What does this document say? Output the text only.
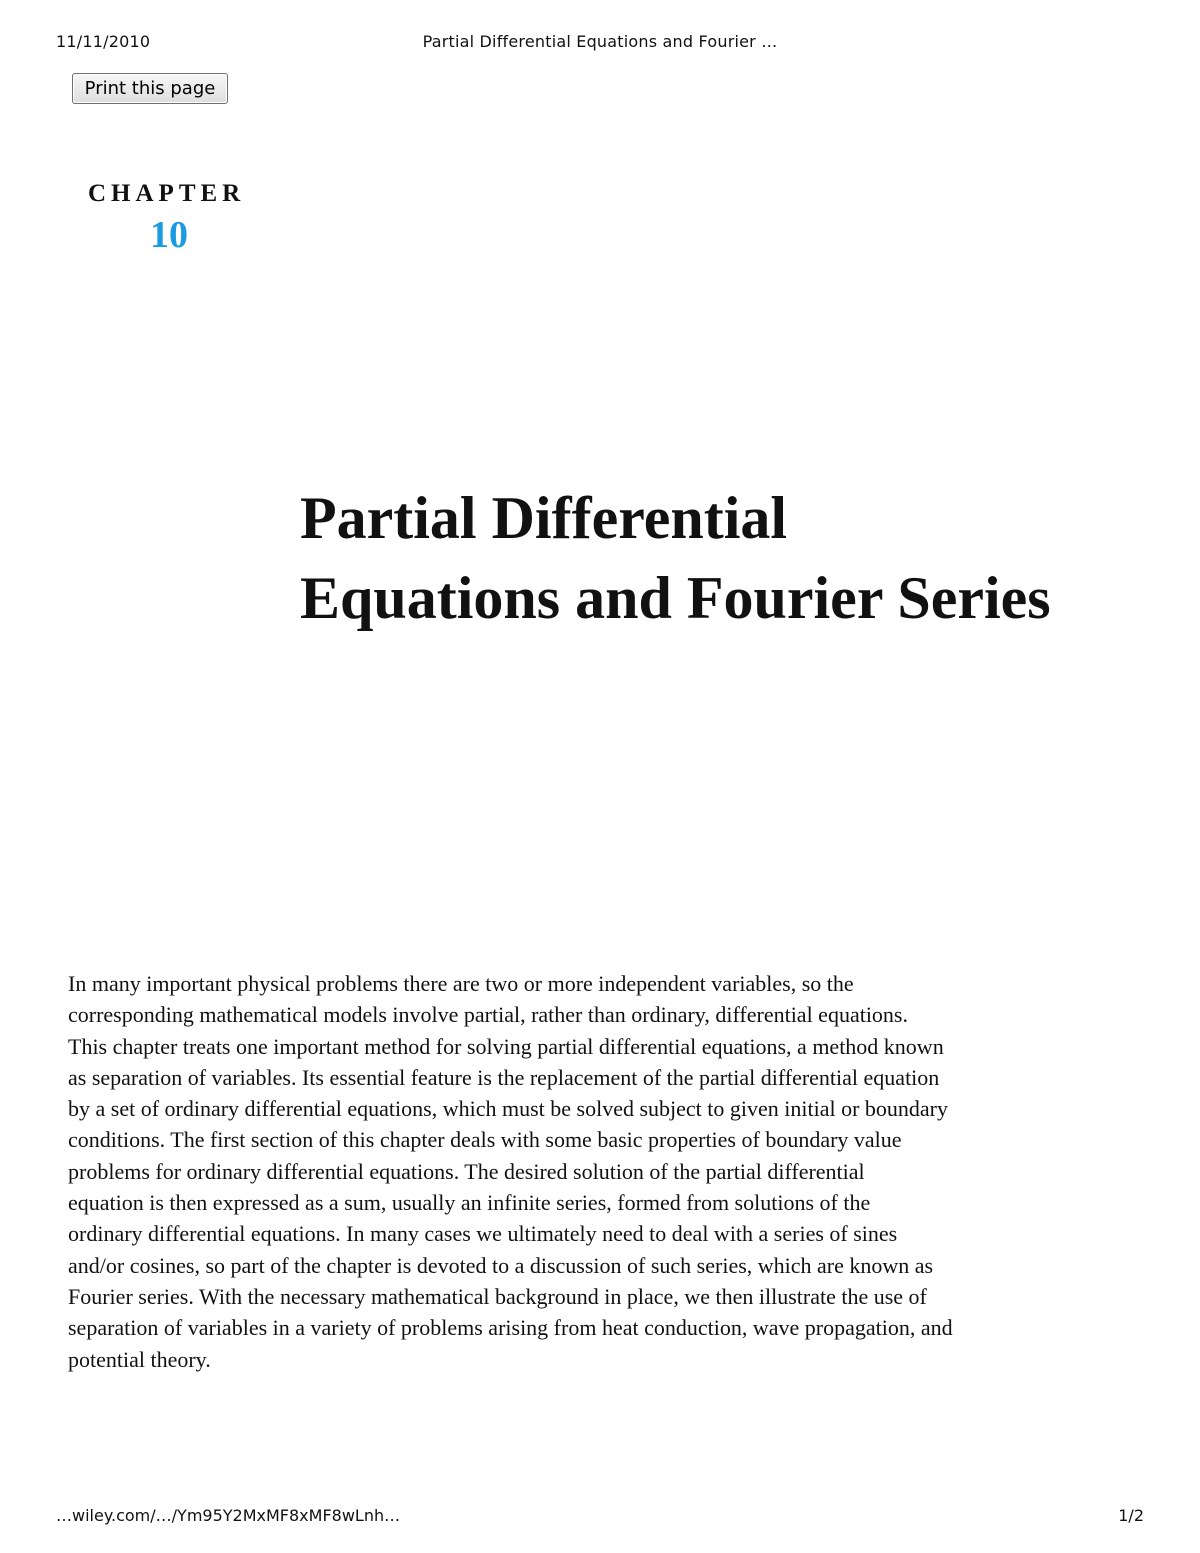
11/11/2010	Partial Differential Equations and Fourier …
Print this page
CHAPTER
10
Partial Differential
Equations and Fourier Series

In many important physical problems there are two or more independent variables, so the
corresponding mathematical models involve partial, rather than ordinary, differential equations.
This chapter treats one important method for solving partial differential equations, a method known
as separation of variables. Its essential feature is the replacement of the partial differential equation
by a set of ordinary differential equations, which must be solved subject to given initial or boundary
conditions. The first section of this chapter deals with some basic properties of boundary value
problems for ordinary differential equations. The desired solution of the partial differential
equation is then expressed as a sum, usually an infinite series, formed from solutions of the
ordinary differential equations. In many cases we ultimately need to deal with a series of sines
and/or cosines, so part of the chapter is devoted to a discussion of such series, which are known as
Fourier series. With the necessary mathematical background in place, we then illustrate the use of
separation of variables in a variety of problems arising from heat conduction, wave propagation, and
potential theory.

…wiley.com/…/Ym95Y2MxMF8xMF8wLnh…	1/2
